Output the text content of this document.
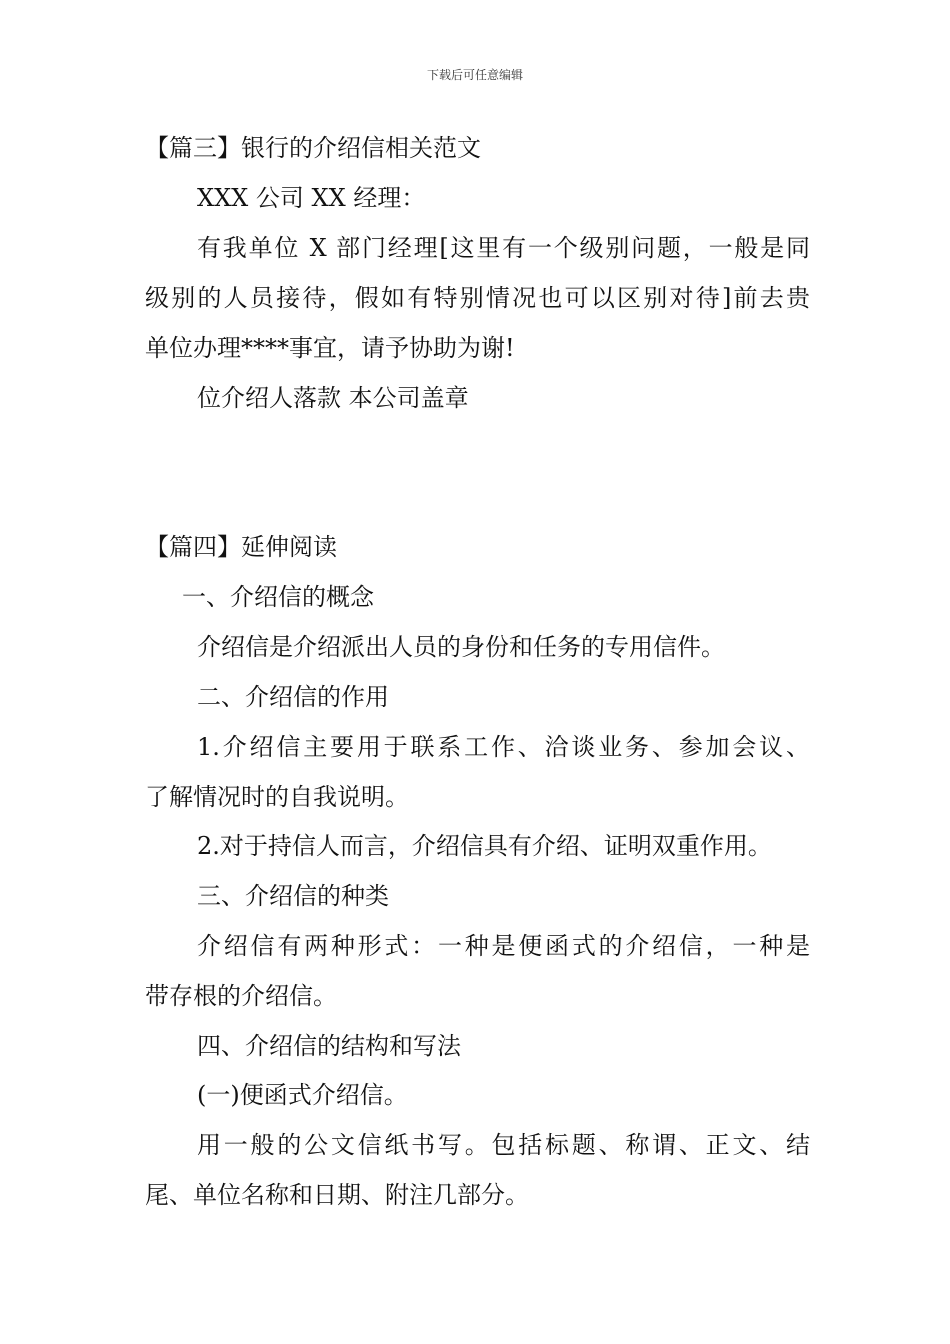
下载后可任意编辑
【篇三】银行的介绍信相关范文
XXX 公司 XX 经理：
有我单位 X 部门经理[这里有一个级别问题，一般是同
级别的人员接待，假如有特别情况也可以区别对待]前去贵
单位办理****事宜，请予协助为谢!
位介绍人落款 本公司盖章
【篇四】延伸阅读
一、介绍信的概念
介绍信是介绍派出人员的身份和任务的专用信件。
二、介绍信的作用
1.介绍信主要用于联系工作、洽谈业务、参加会议、
了解情况时的自我说明。
2.对于持信人而言，介绍信具有介绍、证明双重作用。
三、介绍信的种类
介绍信有两种形式：一种是便函式的介绍信，一种是
带存根的介绍信。
四、介绍信的结构和写法
(一)便函式介绍信。
用一般的公文信纸书写。包括标题、称谓、正文、结
尾、单位名称和日期、附注几部分。
